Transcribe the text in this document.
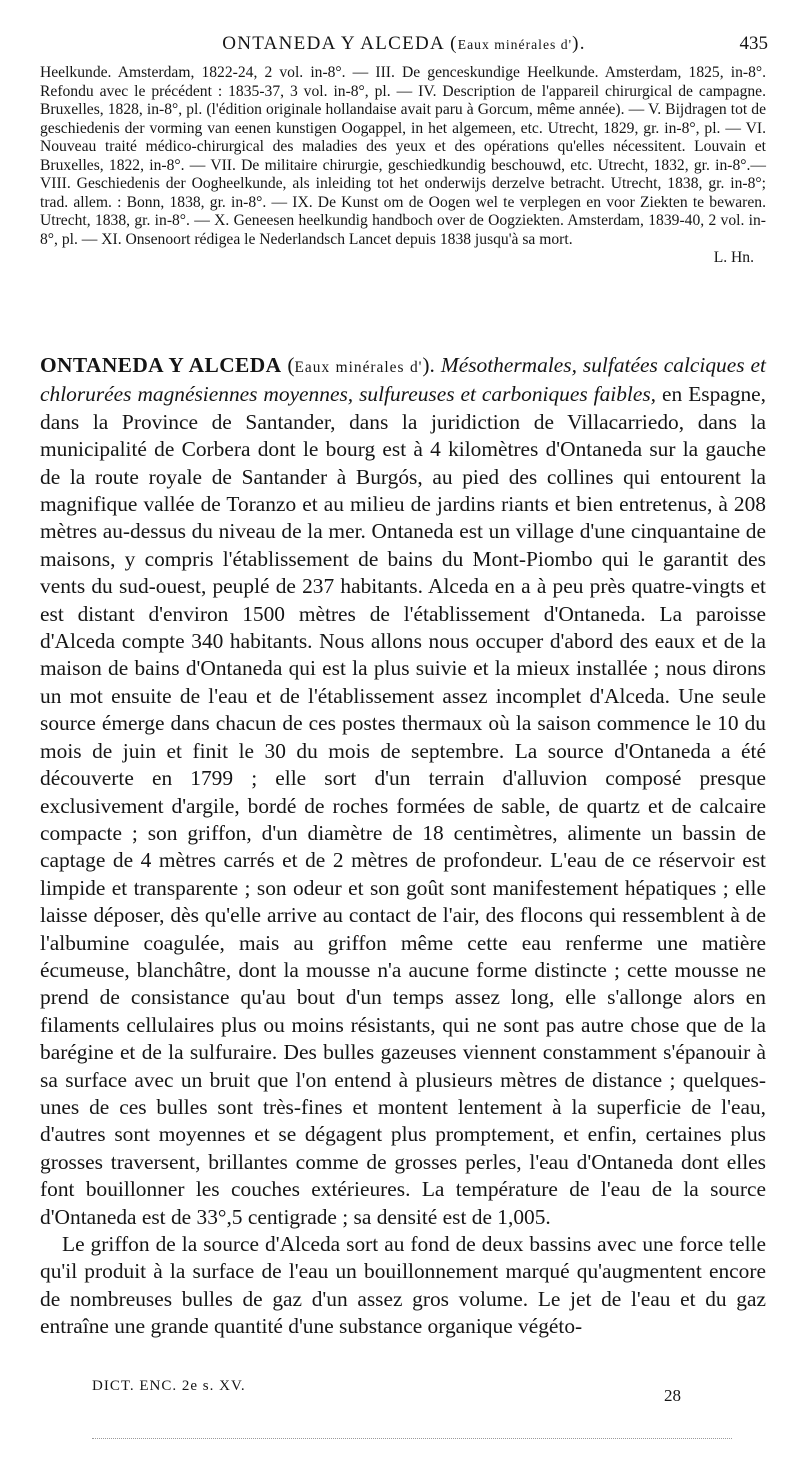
ONTANEDA Y ALCEDA (Eaux minérales d').	435

Heelkunde. Amsterdam, 1822-24, 2 vol. in-8°. — III. De genceskundige Heelkunde. Amsterdam, 1825, in-8°. Refondu avec le précédent : 1835-37, 3 vol. in-8°, pl. — IV. Description de l'appareil chirurgical de campagne. Bruxelles, 1828, in-8°, pl. (l'édition originale hollandaise avait paru à Gorcum, même année). — V. Bijdragen tot de geschiedenis der vorming van eenen kunstigen Oogappel, in het algemeen, etc. Utrecht, 1829, gr. in-8°, pl. — VI. Nouveau traité médico-chirurgical des maladies des yeux et des opérations qu'elles nécessitent. Louvain et Bruxelles, 1822, in-8°. — VII. De militaire chirurgie, geschiedkundig beschouwd, etc. Utrecht, 1832, gr. in-8°.— VIII. Geschiedenis der Oogheelkunde, als inleiding tot het onderwijs derzelve betracht. Utrecht, 1838, gr. in-8°; trad. allem. : Bonn, 1838, gr. in-8°. — IX. De Kunst om de Oogen wel te verplegen en voor Ziekten te bewaren. Utrecht, 1838, gr. in-8°. — X. Geneesen heelkundig handboch over de Oogziekten. Amsterdam, 1839-40, 2 vol. in-8°, pl. — XI. Onsenoort rédigea le Nederlandsch Lancet depuis 1838 jusqu'à sa mort.

L. Hn.

ONTANEDA Y ALCEDA (Eaux minérales d'). Mésothermales, sulfatées calciques et chlorurées magnésiennes moyennes, sulfureuses et carboniques faibles, en Espagne, dans la Province de Santander, dans la juridiction de Villacarriedo, dans la municipalité de Corbera dont le bourg est à 4 kilomètres d'Ontaneda sur la gauche de la route royale de Santander à Burgós, au pied des collines qui entourent la magnifique vallée de Toranzo et au milieu de jardins riants et bien entretenus, à 208 mètres au-dessus du niveau de la mer. Ontaneda est un village d'une cinquantaine de maisons, y compris l'établissement de bains du Mont-Piombo qui le garantit des vents du sud-ouest, peuplé de 237 habitants. Alceda en a à peu près quatre-vingts et est distant d'environ 1500 mètres de l'établissement d'Ontaneda. La paroisse d'Alceda compte 340 habitants. Nous allons nous occuper d'abord des eaux et de la maison de bains d'Ontaneda qui est la plus suivie et la mieux installée ; nous dirons un mot ensuite de l'eau et de l'établissement assez incomplet d'Alceda. Une seule source émerge dans chacun de ces postes thermaux où la saison commence le 10 du mois de juin et finit le 30 du mois de septembre. La source d'Ontaneda a été découverte en 1799 ; elle sort d'un terrain d'alluvion composé presque exclusivement d'argile, bordé de roches formées de sable, de quartz et de calcaire compacte ; son griffon, d'un diamètre de 18 centimètres, alimente un bassin de captage de 4 mètres carrés et de 2 mètres de profondeur. L'eau de ce réservoir est limpide et transparente ; son odeur et son goût sont manifestement hépatiques ; elle laisse déposer, dès qu'elle arrive au contact de l'air, des flocons qui ressemblent à de l'albumine coagulée, mais au griffon même cette eau renferme une matière écumeuse, blanchâtre, dont la mousse n'a aucune forme distincte ; cette mousse ne prend de consistance qu'au bout d'un temps assez long, elle s'allonge alors en filaments cellulaires plus ou moins résistants, qui ne sont pas autre chose que de la barégine et de la sulfuraire. Des bulles gazeuses viennent constamment s'épanouir à sa surface avec un bruit que l'on entend à plusieurs mètres de distance ; quelques-unes de ces bulles sont très-fines et montent lentement à la superficie de l'eau, d'autres sont moyennes et se dégagent plus promptement, et enfin, certaines plus grosses traversent, brillantes comme de grosses perles, l'eau d'Ontaneda dont elles font bouillonner les couches extérieures. La température de l'eau de la source d'Ontaneda est de 33°,5 centigrade ; sa densité est de 1,005.

Le griffon de la source d'Alceda sort au fond de deux bassins avec une force telle qu'il produit à la surface de l'eau un bouillonnement marqué qu'augmentent encore de nombreuses bulles de gaz d'un assez gros volume. Le jet de l'eau et du gaz entraîne une grande quantité d'une substance organique végéto-

DICT. ENC. 2e s. XV.	28
